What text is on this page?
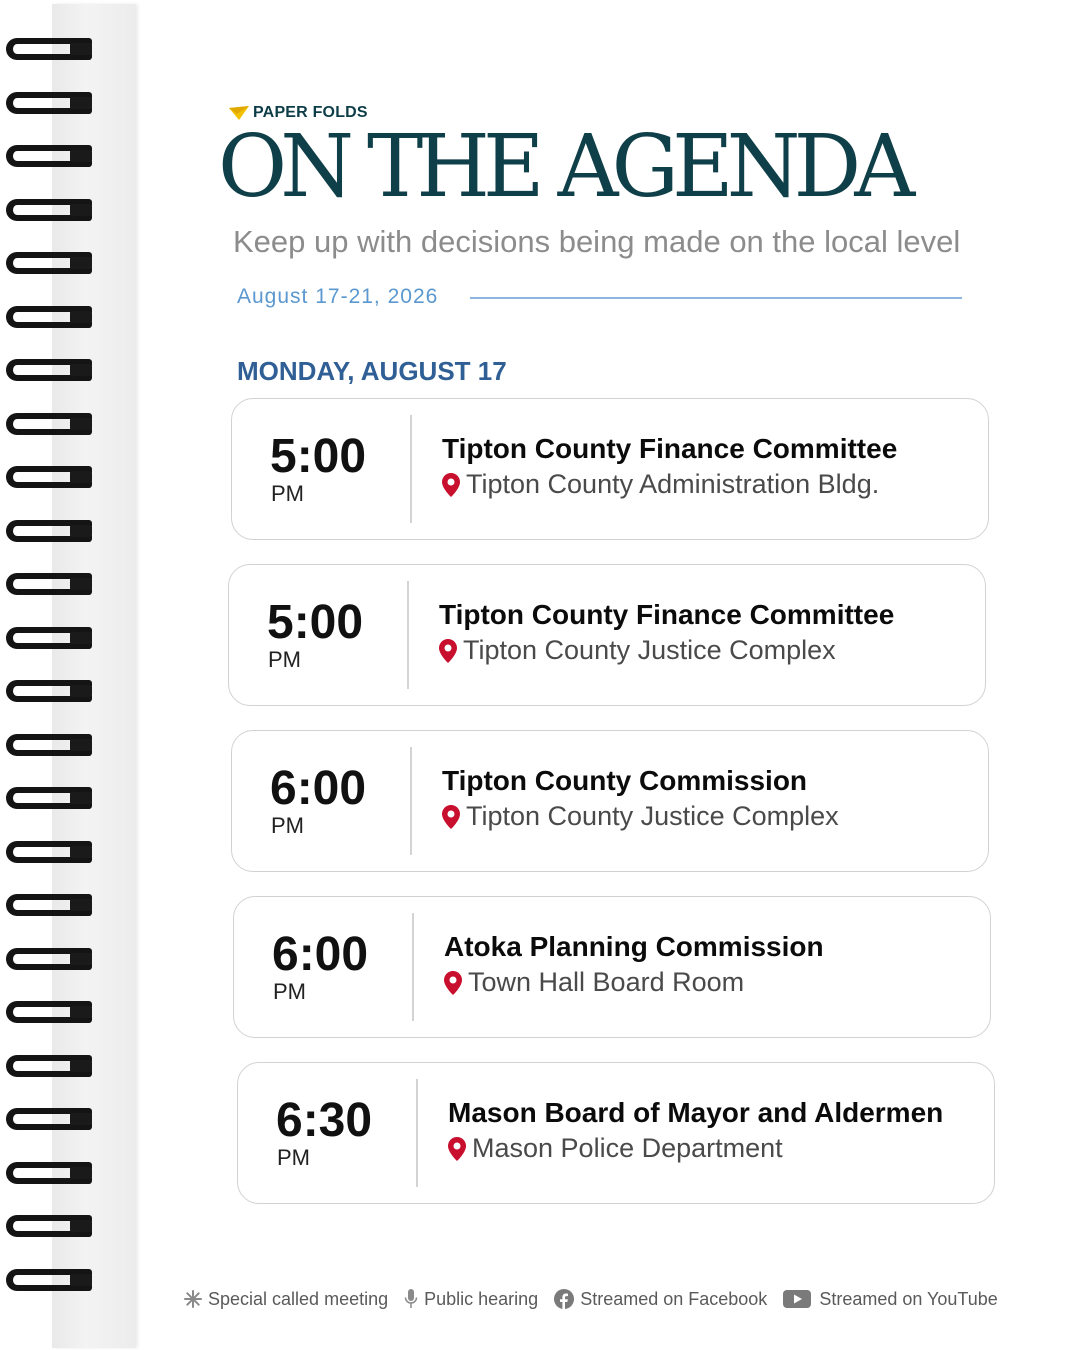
PAPER FOLDS
ON THE AGENDA
Keep up with decisions being made on the local level
August 17-21, 2026
MONDAY, AUGUST 17
5:00
PM
Tipton County Finance Committee
Tipton County Administration Bldg.
5:00
PM
Tipton County Finance Committee
Tipton County Justice Complex
6:00
PM
Tipton County Commission
Tipton County Justice Complex
6:00
PM
Atoka Planning Commission
Town Hall Board Room
6:30
PM
Mason Board of Mayor and Aldermen
Mason Police Department
Special called meeting Public hearing Streamed on Facebook	Streamed on YouTube
